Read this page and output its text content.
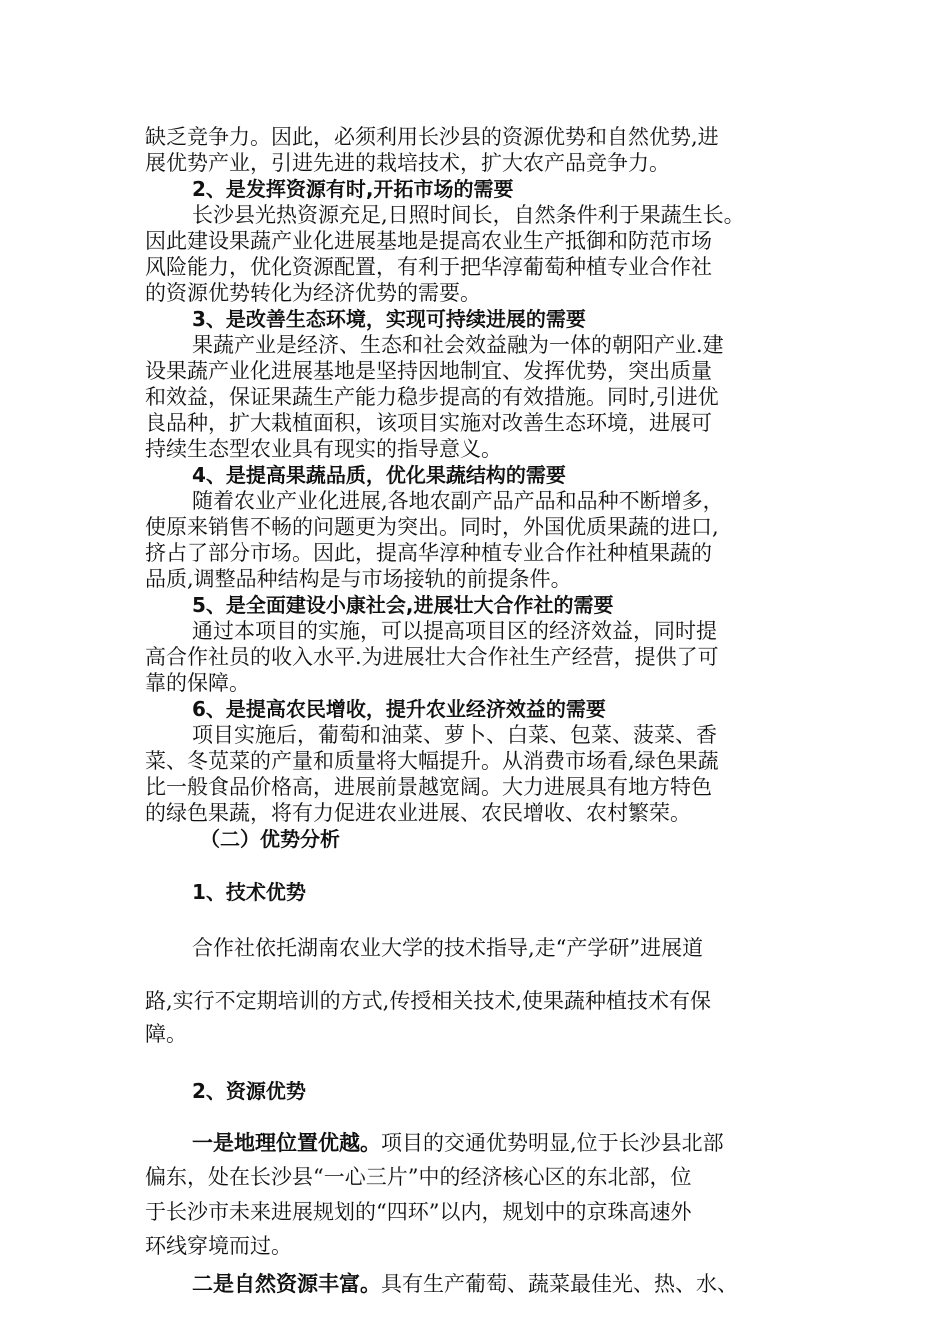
缺乏竞争力。因此，必须利用长沙县的资源优势和自然优势,进
展优势产业，引进先进的栽培技术，扩大农产品竞争力。
2、是发挥资源有时,开拓市场的需要
长沙县光热资源充足,日照时间长，自然条件利于果蔬生长。
因此建设果蔬产业化进展基地是提高农业生产抵御和防范市场
风险能力，优化资源配置，有利于把华淳葡萄种植专业合作社
的资源优势转化为经济优势的需要。
3、是改善生态环境，实现可持续进展的需要
果蔬产业是经济、生态和社会效益融为一体的朝阳产业.建
设果蔬产业化进展基地是坚持因地制宜、发挥优势，突出质量
和效益，保证果蔬生产能力稳步提高的有效措施。同时,引进优
良品种，扩大栽植面积，该项目实施对改善生态环境，进展可
持续生态型农业具有现实的指导意义。
4、是提高果蔬品质，优化果蔬结构的需要
随着农业产业化进展,各地农副产品产品和品种不断增多，
使原来销售不畅的问题更为突出。同时，外国优质果蔬的进口,
挤占了部分市场。因此，提高华淳种植专业合作社种植果蔬的
品质,调整品种结构是与市场接轨的前提条件。
5、是全面建设小康社会,进展壮大合作社的需要
通过本项目的实施，可以提高项目区的经济效益，同时提
高合作社员的收入水平.为进展壮大合作社生产经营，提供了可
靠的保障。
6、是提高农民增收，提升农业经济效益的需要
项目实施后，葡萄和油菜、萝卜、白菜、包菜、菠菜、香
菜、冬苋菜的产量和质量将大幅提升。从消费市场看,绿色果蔬
比一般食品价格高，进展前景越宽阔。大力进展具有地方特色
的绿色果蔬，将有力促进农业进展、农民增收、农村繁荣。
（二）优势分析
1、技术优势
合作社依托湖南农业大学的技术指导,走“产学研”进展道
路,实行不定期培训的方式,传授相关技术,使果蔬种植技术有保
障。
2、资源优势
一是地理位置优越。项目的交通优势明显,位于长沙县北部
偏东，处在长沙县“一心三片”中的经济核心区的东北部，位
于长沙市未来进展规划的“四环”以内，规划中的京珠高速外
环线穿境而过。
二是自然资源丰富。具有生产葡萄、蔬菜最佳光、热、水、
